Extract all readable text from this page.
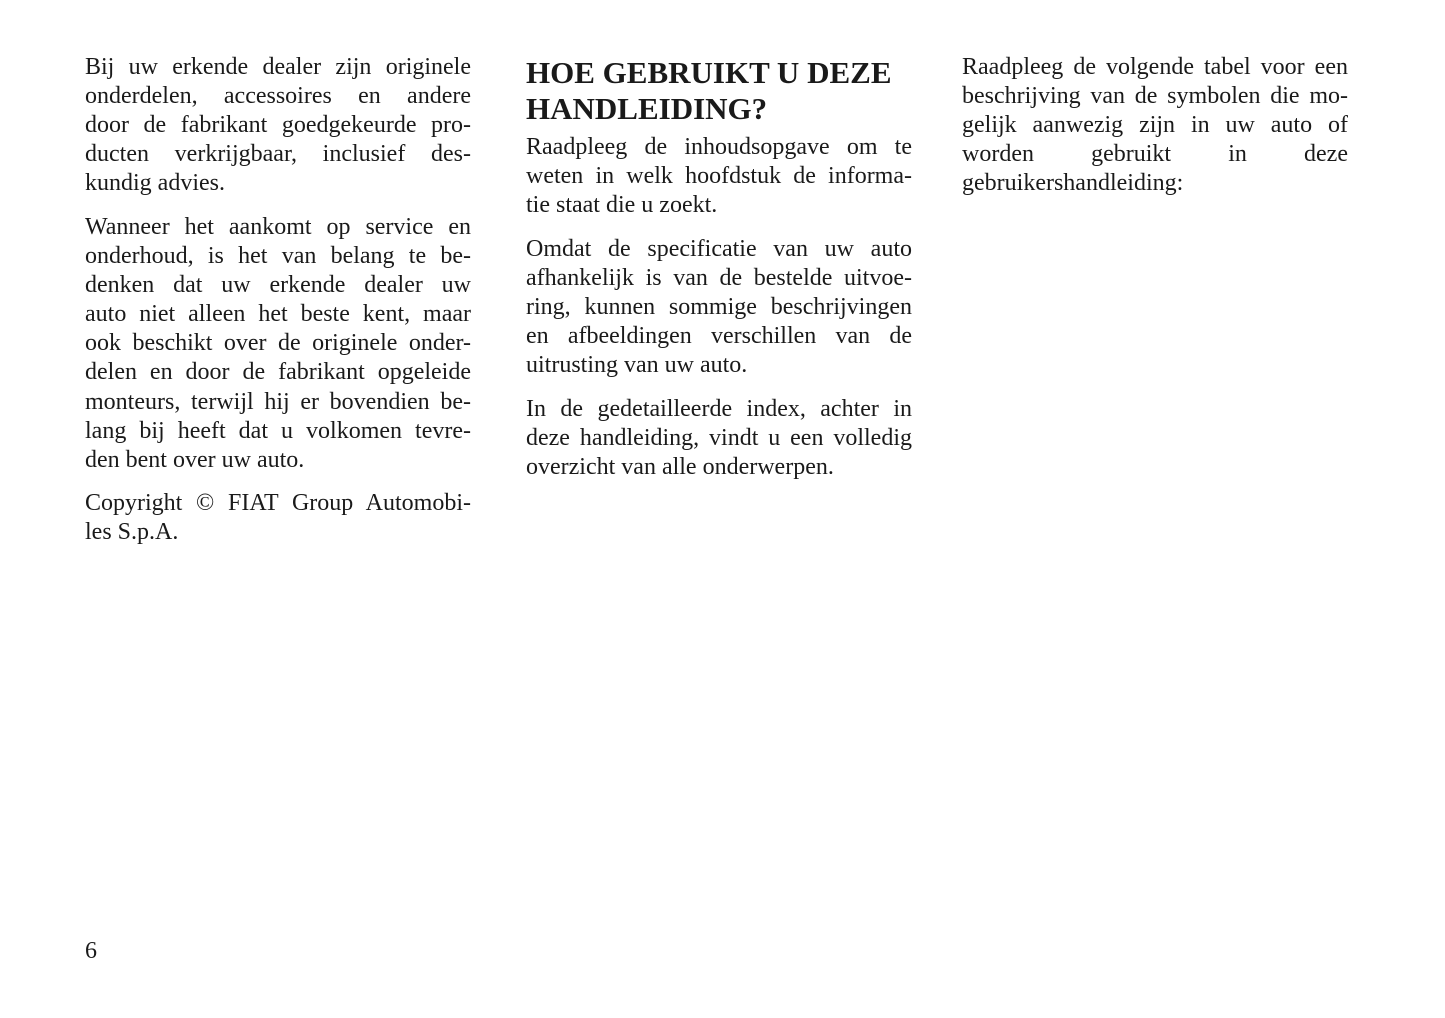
Bij uw erkende dealer zijn originele
onderdelen, accessoires en andere
door de fabrikant goedgekeurde pro-
ducten verkrijgbaar, inclusief des-
kundig advies.

Wanneer het aankomt op service en
onderhoud, is het van belang te be-
denken dat uw erkende dealer uw
auto niet alleen het beste kent, maar
ook beschikt over de originele onder-
delen en door de fabrikant opgeleide
monteurs, terwijl hij er bovendien be-
lang bij heeft dat u volkomen tevre-
den bent over uw auto.

Copyright © FIAT Group Automobi-
les S.p.A.

HOE GEBRUIKT U DEZE
HANDLEIDING?

Raadpleeg de inhoudsopgave om te
weten in welk hoofdstuk de informa-
tie staat die u zoekt.

Omdat de specificatie van uw auto
afhankelijk is van de bestelde uitvoe-
ring, kunnen sommige beschrijvingen
en afbeeldingen verschillen van de
uitrusting van uw auto.

In de gedetailleerde index, achter in
deze handleiding, vindt u een volledig
overzicht van alle onderwerpen.

Raadpleeg de volgende tabel voor een
beschrijving van de symbolen die mo-
gelijk aanwezig zijn in uw auto of
worden gebruikt in deze
gebruikershandleiding:

6
